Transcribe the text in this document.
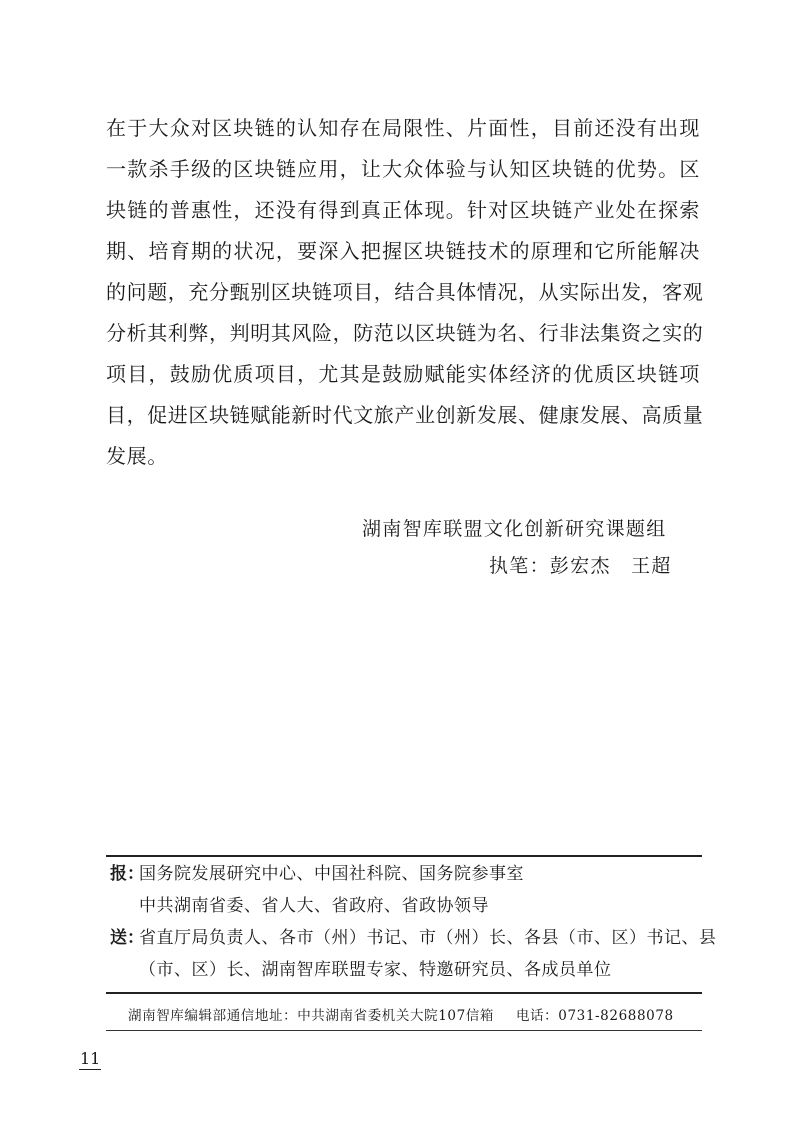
在于大众对区块链的认知存在局限性、片面性，目前还没有出现
一款杀手级的区块链应用，让大众体验与认知区块链的优势。区
块链的普惠性，还没有得到真正体现。针对区块链产业处在探索
期、培育期的状况，要深入把握区块链技术的原理和它所能解决
的问题，充分甄别区块链项目，结合具体情况，从实际出发，客观
分析其利弊，判明其风险，防范以区块链为名、行非法集资之实的
项目，鼓励优质项目，尤其是鼓励赋能实体经济的优质区块链项
目，促进区块链赋能新时代文旅产业创新发展、健康发展、高质量
发展。
湖南智库联盟文化创新研究课题组
执笔：彭宏杰　王超
报：
国务院发展研究中心、中国社科院、国务院参事室
中共湖南省委、省人大、省政府、省政协领导
送：
省直厅局负责人、各市（州）书记、市（州）长、各县（市、区）书记、县
（市、区）长、湖南智库联盟专家、特邀研究员、各成员单位
湖南智库编辑部通信地址：中共湖南省委机关大院107信箱 电话：0731-82688078
11
